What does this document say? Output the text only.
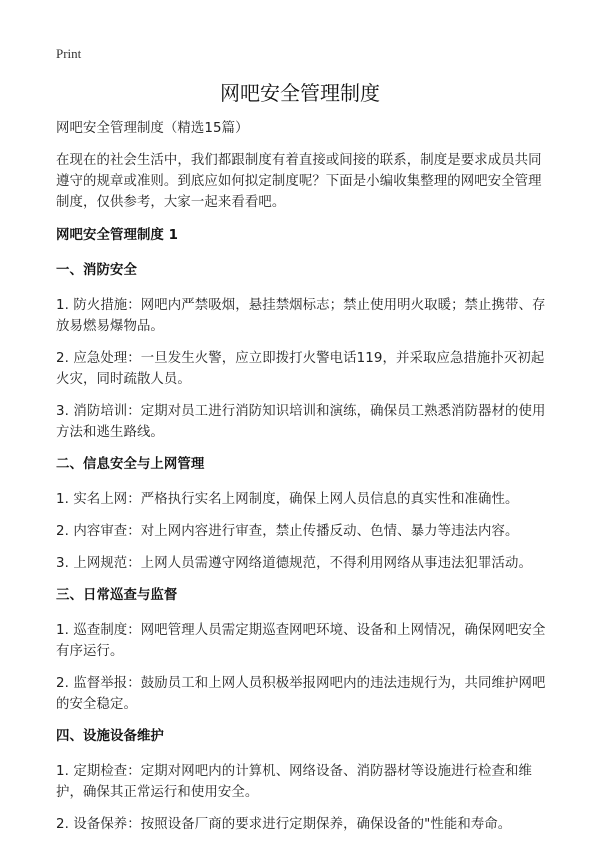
Print
网吧安全管理制度

网吧安全管理制度（精选15篇）

在现在的社会生活中，我们都跟制度有着直接或间接的联系，制度是要求成员共同遵守的规章或准则。到底应如何拟定制度呢？下面是小编收集整理的网吧安全管理制度，仅供参考，大家一起来看看吧。

网吧安全管理制度 1

一、消防安全

1. 防火措施：网吧内严禁吸烟，悬挂禁烟标志；禁止使用明火取暖；禁止携带、存放易燃易爆物品。

2. 应急处理：一旦发生火警，应立即拨打火警电话119，并采取应急措施扑灭初起火灾，同时疏散人员。

3. 消防培训：定期对员工进行消防知识培训和演练，确保员工熟悉消防器材的使用方法和逃生路线。

二、信息安全与上网管理

1. 实名上网：严格执行实名上网制度，确保上网人员信息的真实性和准确性。

2. 内容审查：对上网内容进行审查，禁止传播反动、色情、暴力等违法内容。

3. 上网规范：上网人员需遵守网络道德规范，不得利用网络从事违法犯罪活动。

三、日常巡查与监督

1. 巡查制度：网吧管理人员需定期巡查网吧环境、设备和上网情况，确保网吧安全有序运行。

2. 监督举报：鼓励员工和上网人员积极举报网吧内的违法违规行为，共同维护网吧的安全稳定。

四、设施设备维护

1. 定期检查：定期对网吧内的计算机、网络设备、消防器材等设施进行检查和维护，确保其正常运行和使用安全。

2. 设备保养：按照设备厂商的要求进行定期保养，确保设备的"性能和寿命。
